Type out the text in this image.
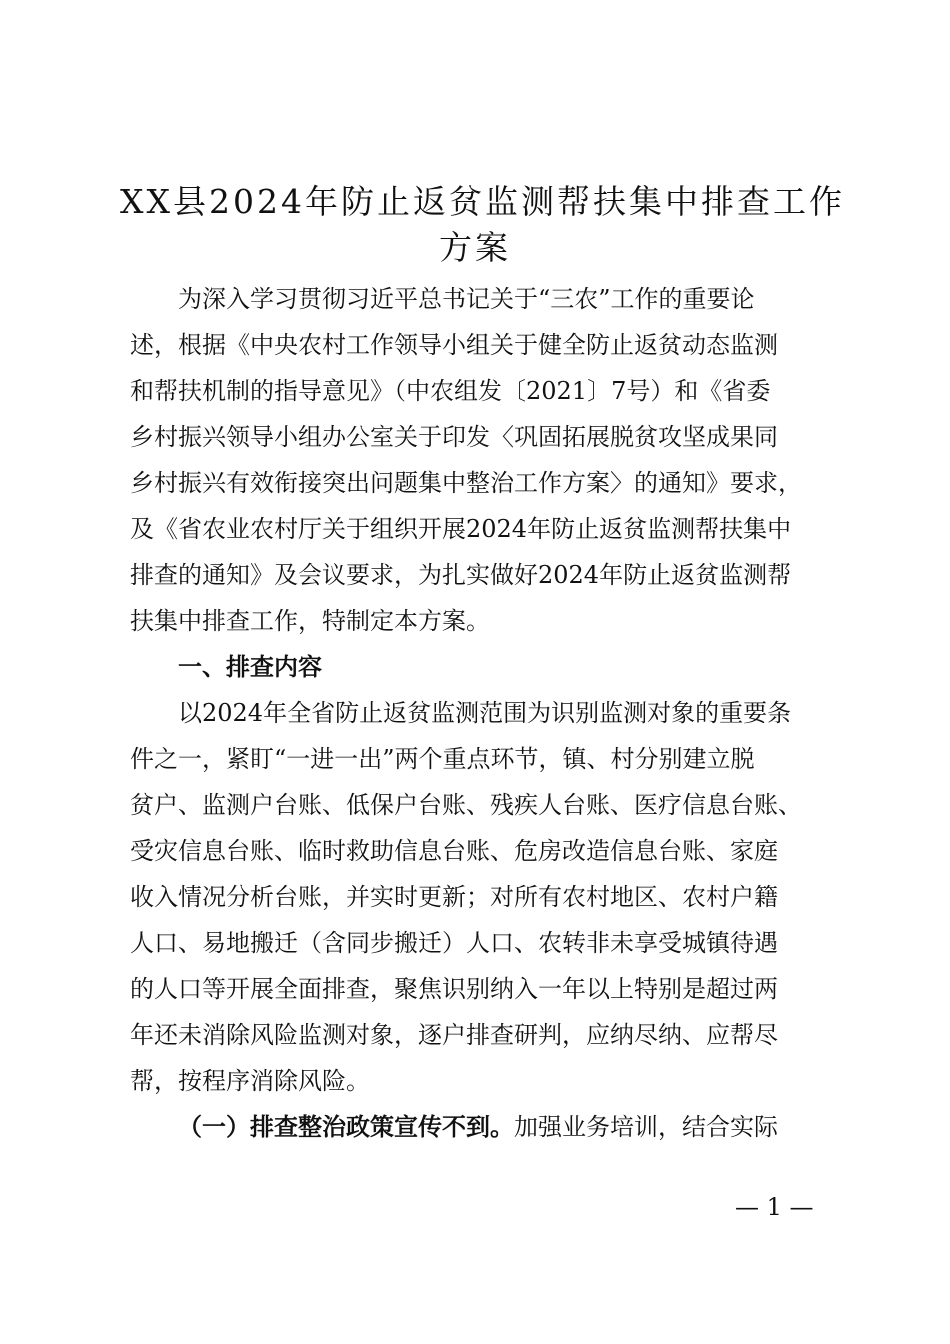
XX县2024年防止返贫监测帮扶集中排查工作
方案

为深入学习贯彻习近平总书记关于“三农”工作的重要论

述，根据《中央农村工作领导小组关于健全防止返贫动态监测

和帮扶机制的指导意见》（中农组发〔2021〕7号）和《省委

乡村振兴领导小组办公室关于印发〈巩固拓展脱贫攻坚成果同

乡村振兴有效衔接突出问题集中整治工作方案〉的通知》要求，

及《省农业农村厅关于组织开展2024年防止返贫监测帮扶集中

排查的通知》及会议要求，为扎实做好2024年防止返贫监测帮

扶集中排查工作，特制定本方案。

一、排查内容

以2024年全省防止返贫监测范围为识别监测对象的重要条

件之一，紧盯“一进一出”两个重点环节，镇、村分别建立脱

贫户、监测户台账、低保户台账、残疾人台账、医疗信息台账、

受灾信息台账、临时救助信息台账、危房改造信息台账、家庭

收入情况分析台账，并实时更新；对所有农村地区、农村户籍

人口、易地搬迁（含同步搬迁）人口、农转非未享受城镇待遇

的人口等开展全面排查，聚焦识别纳入一年以上特别是超过两

年还未消除风险监测对象，逐户排查研判，应纳尽纳、应帮尽

帮，按程序消除风险。

（一）排查整治政策宣传不到。加强业务培训，结合实际

— 1 —
